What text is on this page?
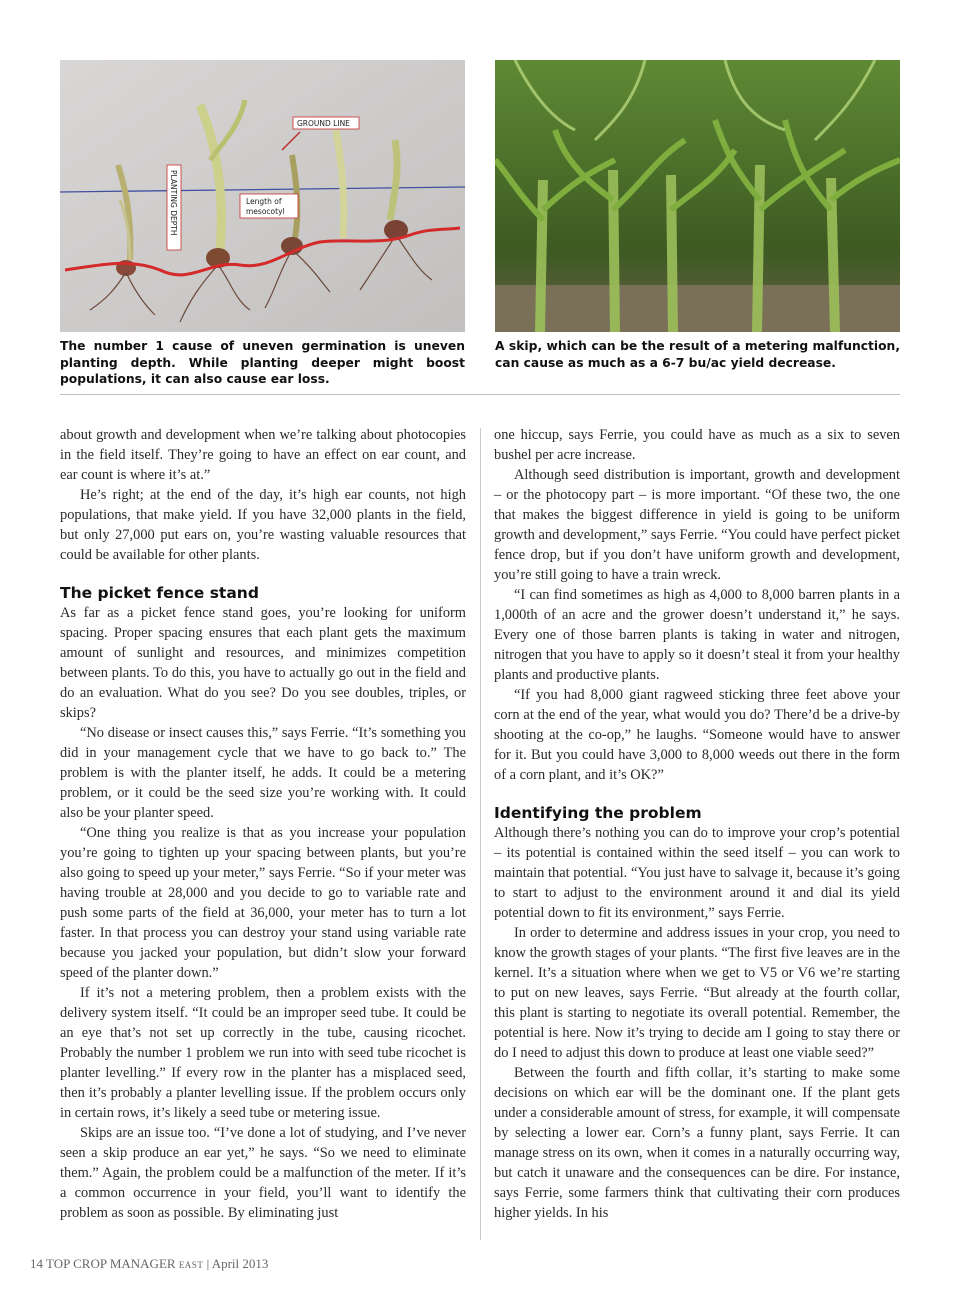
GROUND LINE
PLANTING DEPTH	Length of
mesocotyl
The number 1 cause of uneven germination is uneven planting depth. While planting deeper might boost populations, it can also cause ear loss.
A skip, which can be the result of a metering malfunction, can cause as much as a 6-7 bu/ac yield decrease.

about growth and development when we’re talking about photocopies in the field itself. They’re going to have an effect on ear count, and ear count is where it’s at.”

He’s right; at the end of the day, it’s high ear counts, not high populations, that make yield. If you have 32,000 plants in the field, but only 27,000 put ears on, you’re wasting valuable resources that could be available for other plants.

The picket fence stand

As far as a picket fence stand goes, you’re looking for uniform spacing. Proper spacing ensures that each plant gets the maximum amount of sunlight and resources, and minimizes competition between plants. To do this, you have to actually go out in the field and do an evaluation. What do you see? Do you see doubles, triples, or skips?

“No disease or insect causes this,” says Ferrie. “It’s something you did in your management cycle that we have to go back to.” The problem is with the planter itself, he adds. It could be a metering problem, or it could be the seed size you’re working with. It could also be your planter speed.

“One thing you realize is that as you increase your population you’re going to tighten up your spacing between plants, but you’re also going to speed up your meter,” says Ferrie. “So if your meter was having trouble at 28,000 and you decide to go to variable rate and push some parts of the field at 36,000, your meter has to turn a lot faster. In that process you can destroy your stand using variable rate because you jacked your population, but didn’t slow your forward speed of the planter down.”

If it’s not a metering problem, then a problem exists with the delivery system itself. “It could be an improper seed tube. It could be an eye that’s not set up correctly in the tube, causing ricochet. Probably the number 1 problem we run into with seed tube ricochet is planter levelling.” If every row in the planter has a misplaced seed, then it’s probably a planter levelling issue. If the problem occurs only in certain rows, it’s likely a seed tube or metering issue.

Skips are an issue too. “I’ve done a lot of studying, and I’ve never seen a skip produce an ear yet,” he says. “So we need to eliminate them.” Again, the problem could be a malfunction of the meter. If it’s a common occurrence in your field, you’ll want to identify the problem as soon as possible. By eliminating just

one hiccup, says Ferrie, you could have as much as a six to seven bushel per acre increase.

Although seed distribution is important, growth and development – or the photocopy part – is more important. “Of these two, the one that makes the biggest difference in yield is going to be uniform growth and development,” says Ferrie. “You could have perfect picket fence drop, but if you don’t have uniform growth and development, you’re still going to have a train wreck.

“I can find sometimes as high as 4,000 to 8,000 barren plants in a 1,000th of an acre and the grower doesn’t understand it,” he says. Every one of those barren plants is taking in water and nitrogen, nitrogen that you have to apply so it doesn’t steal it from your healthy plants and productive plants.

“If you had 8,000 giant ragweed sticking three feet above your corn at the end of the year, what would you do? There’d be a drive-by shooting at the co-op,” he laughs. “Someone would have to answer for it. But you could have 3,000 to 8,000 weeds out there in the form of a corn plant, and it’s OK?”

Identifying the problem

Although there’s nothing you can do to improve your crop’s potential – its potential is contained within the seed itself – you can work to maintain that potential. “You just have to salvage it, because it’s going to start to adjust to the environment around it and dial its yield potential down to fit its environment,” says Ferrie.

In order to determine and address issues in your crop, you need to know the growth stages of your plants. “The first five leaves are in the kernel. It’s a situation where when we get to V5 or V6 we’re starting to put on new leaves, says Ferrie. “But already at the fourth collar, this plant is starting to negotiate its overall potential. Remember, the potential is here. Now it’s trying to decide am I going to stay there or do I need to adjust this down to produce at least one viable seed?”

Between the fourth and fifth collar, it’s starting to make some decisions on which ear will be the dominant one. If the plant gets under a considerable amount of stress, for example, it will compensate by selecting a lower ear. Corn’s a funny plant, says Ferrie. It can manage stress on its own, when it comes in a naturally occurring way, but catch it unaware and the consequences can be dire. For instance, says Ferrie, some farmers think that cultivating their corn produces higher yields. In his

14 TOP CROP MANAGER EAST | April 2013
